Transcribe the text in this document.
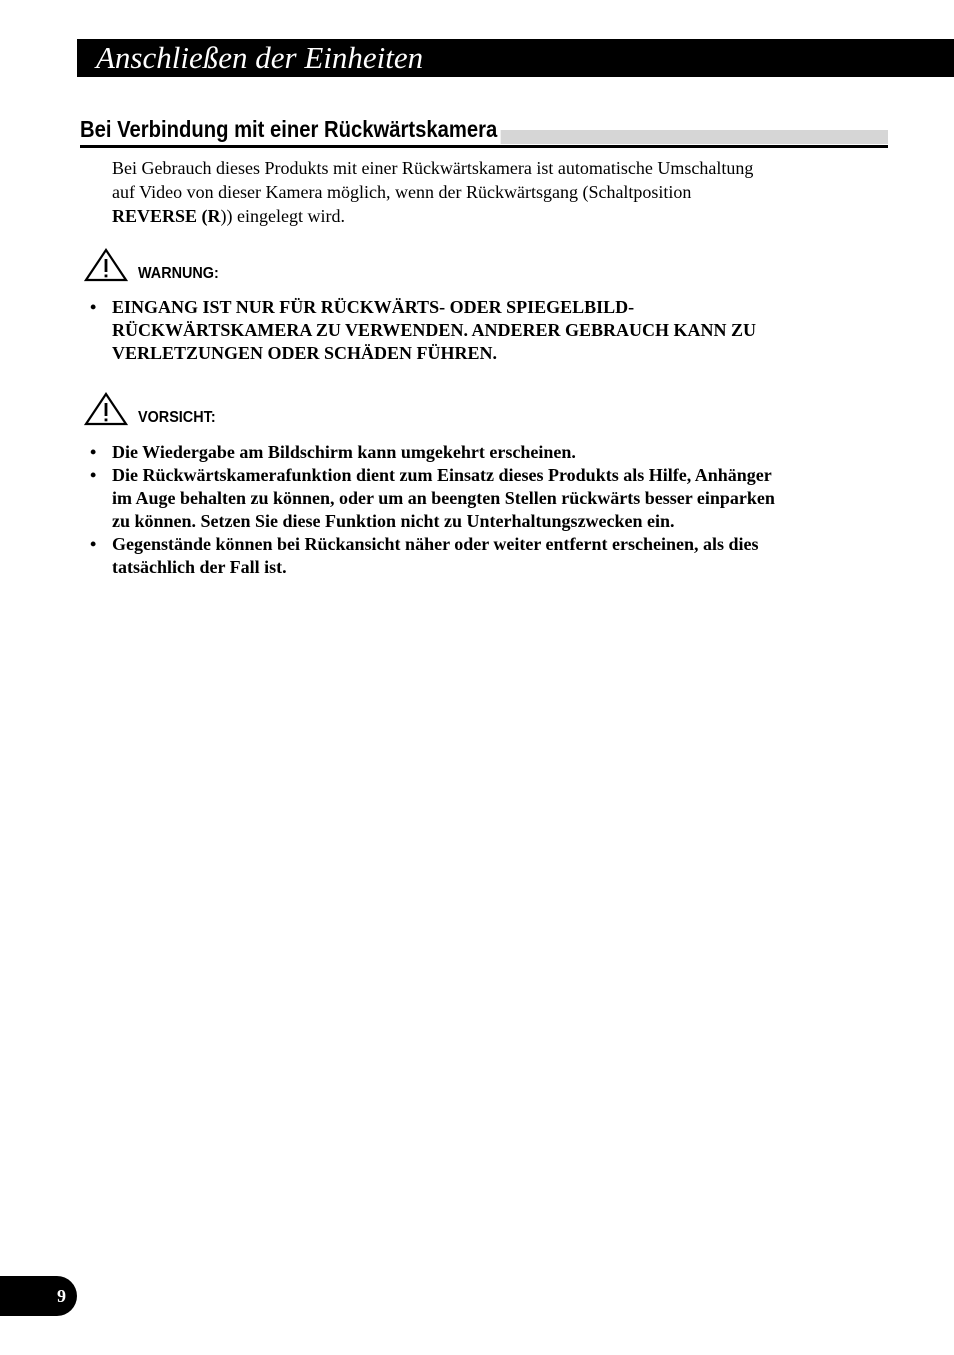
Anschließen der Einheiten
Bei Verbindung mit einer Rückwärtskamera
Bei Gebrauch dieses Produkts mit einer Rückwärtskamera ist automatische Umschaltung
auf Video von dieser Kamera möglich, wenn der Rückwärtsgang (Schaltposition
REVERSE (R)) eingelegt wird.
WARNUNG:
• EINGANG IST NUR FÜR RÜCKWÄRTS- ODER SPIEGELBILD-
RÜCKWÄRTSKAMERA ZU VERWENDEN. ANDERER GEBRAUCH KANN ZU
VERLETZUNGEN ODER SCHÄDEN FÜHREN.
VORSICHT:
• Die Wiedergabe am Bildschirm kann umgekehrt erscheinen.
• Die Rückwärtskamerafunktion dient zum Einsatz dieses Produkts als Hilfe, Anhänger
im Auge behalten zu können, oder um an beengten Stellen rückwärts besser einparken
zu können. Setzen Sie diese Funktion nicht zu Unterhaltungszwecken ein.
• Gegenstände können bei Rückansicht näher oder weiter entfernt erscheinen, als dies
tatsächlich der Fall ist.
9
